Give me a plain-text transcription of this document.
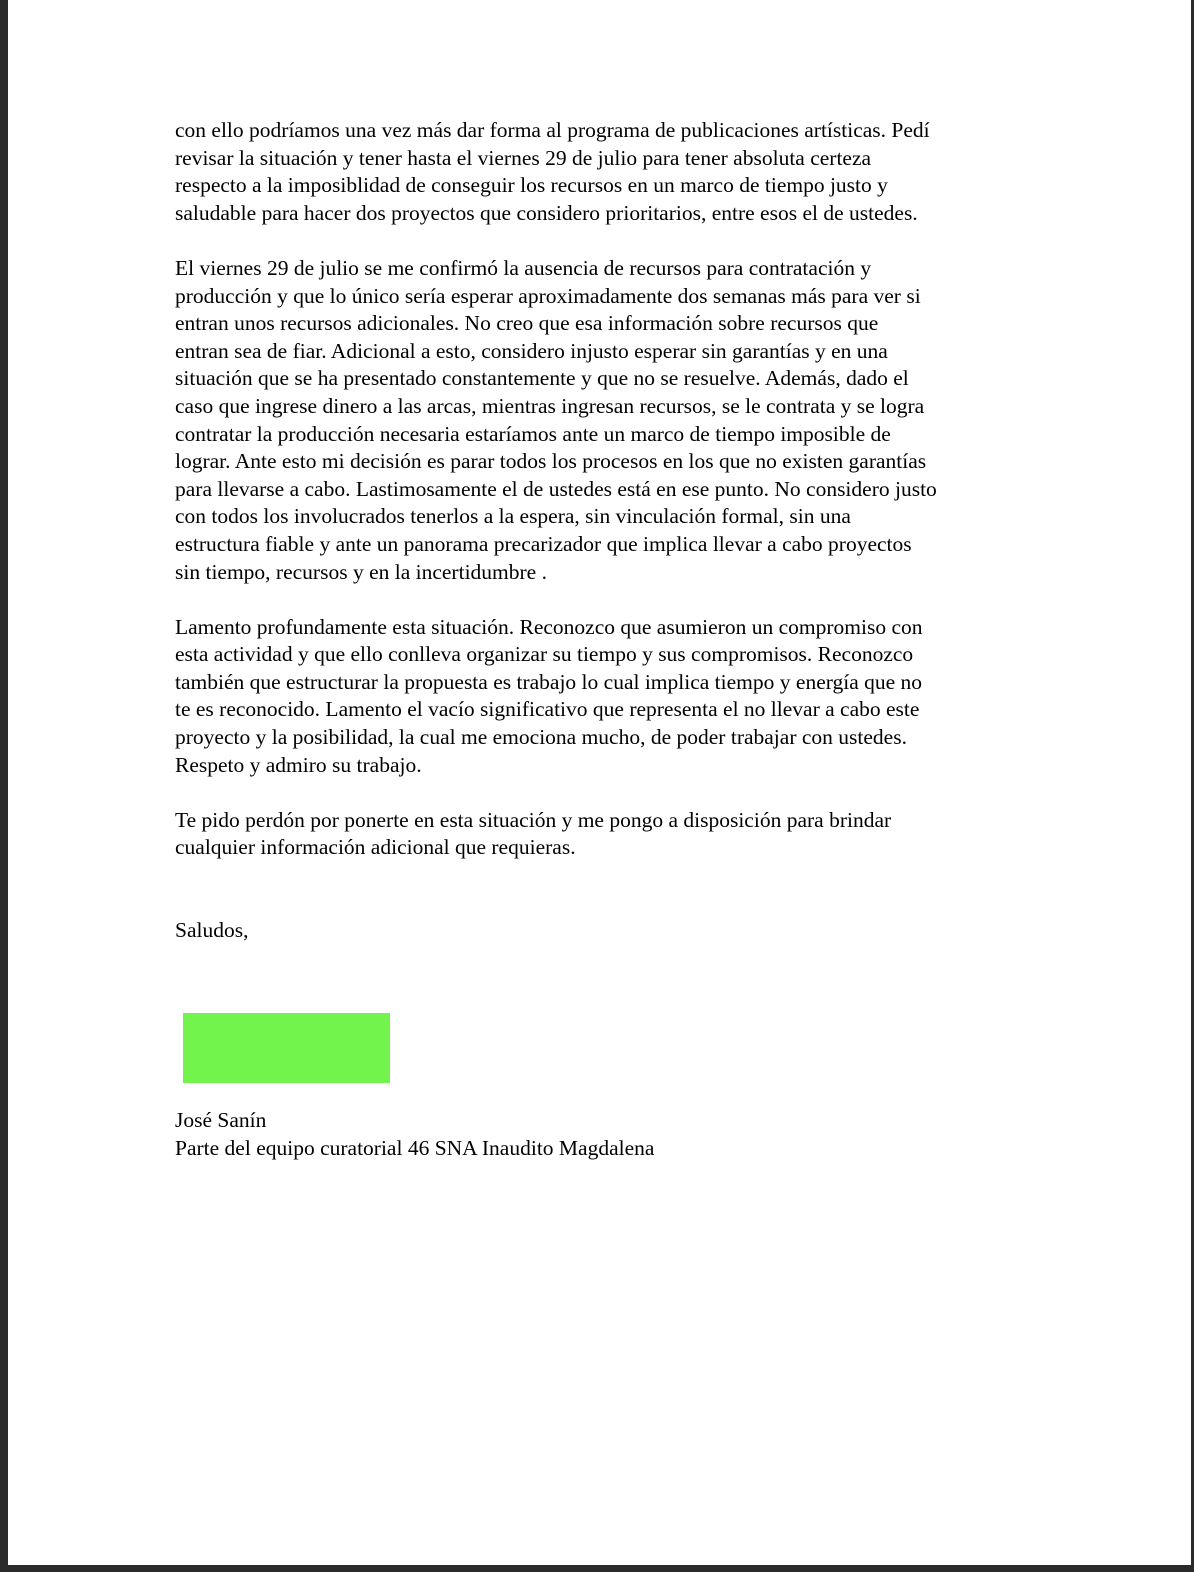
con ello podríamos una vez más dar forma al programa de publicaciones artísticas. Pedí
revisar la situación y tener hasta el viernes 29 de julio para tener absoluta certeza
respecto a la imposiblidad de conseguir los recursos en un marco de tiempo justo y
saludable para hacer dos proyectos que considero prioritarios, entre esos el de ustedes.

El viernes 29 de julio se me confirmó la ausencia de recursos para contratación y
producción y que lo único sería esperar aproximadamente dos semanas más para ver si
entran unos recursos adicionales. No creo que esa información sobre recursos que
entran sea de fiar. Adicional a esto, considero injusto esperar sin garantías y en una
situación que se ha presentado constantemente y que no se resuelve. Además, dado el
caso que ingrese dinero a las arcas, mientras ingresan recursos, se le contrata y se logra
contratar la producción necesaria estaríamos ante un marco de tiempo imposible de
lograr. Ante esto mi decisión es parar todos los procesos en los que no existen garantías
para llevarse a cabo. Lastimosamente el de ustedes está en ese punto. No considero justo
con todos los involucrados tenerlos a la espera, sin vinculación formal, sin una
estructura fiable y ante un panorama precarizador que implica llevar a cabo proyectos
sin tiempo, recursos y en la incertidumbre .

Lamento profundamente esta situación. Reconozco que asumieron un compromiso con
esta actividad y que ello conlleva organizar su tiempo y sus compromisos. Reconozco
también que estructurar la propuesta es trabajo lo cual implica tiempo y energía que no
te es reconocido. Lamento el vacío significativo que representa el no llevar a cabo este
proyecto y la posibilidad, la cual me emociona mucho, de poder trabajar con ustedes.
Respeto y admiro su trabajo.

Te pido perdón por ponerte en esta situación y me pongo a disposición para brindar
cualquier información adicional que requieras.

Saludos,

José Sanín
Parte del equipo curatorial 46 SNA Inaudito Magdalena
